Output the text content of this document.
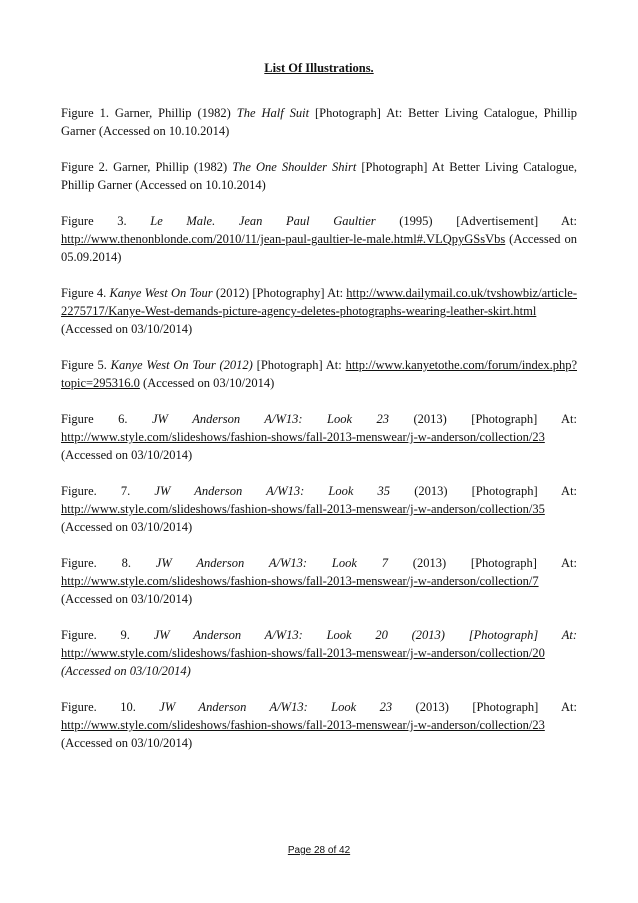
List Of Illustrations.

Figure 1. Garner, Phillip (1982) The Half Suit [Photograph] At: Better Living Catalogue, Phillip Garner (Accessed on 10.10.2014)

Figure 2. Garner, Phillip (1982) The One Shoulder Shirt [Photograph] At Better Living Catalogue, Phillip Garner (Accessed on 10.10.2014)

Figure 3. Le Male. Jean Paul Gaultier (1995) [Advertisement] At: http://www.thenonblonde.com/2010/11/jean-paul-gaultier-le-male.html#.VLQpyGSsVbs (Accessed on 05.09.2014)

Figure 4. Kanye West On Tour (2012) [Photography] At: http://www.dailymail.co.uk/tvshowbiz/article-2275717/Kanye-West-demands-picture-agency-deletes-photographs-wearing-leather-skirt.html (Accessed on 03/10/2014)

Figure 5. Kanye West On Tour (2012) [Photograph] At: http://www.kanyetothe.com/forum/index.php?topic=295316.0 (Accessed on 03/10/2014)

Figure 6. JW Anderson A/W13: Look 23 (2013) [Photograph] At: http://www.style.com/slideshows/fashion-shows/fall-2013-menswear/j-w-anderson/collection/23 (Accessed on 03/10/2014)

Figure. 7. JW Anderson A/W13: Look 35 (2013) [Photograph] At: http://www.style.com/slideshows/fashion-shows/fall-2013-menswear/j-w-anderson/collection/35 (Accessed on 03/10/2014)

Figure. 8. JW Anderson A/W13: Look 7 (2013) [Photograph] At: http://www.style.com/slideshows/fashion-shows/fall-2013-menswear/j-w-anderson/collection/7 (Accessed on 03/10/2014)

Figure. 9. JW Anderson A/W13: Look 20 (2013) [Photograph] At: http://www.style.com/slideshows/fashion-shows/fall-2013-menswear/j-w-anderson/collection/20 (Accessed on 03/10/2014)

Figure. 10. JW Anderson A/W13: Look 23 (2013) [Photograph] At: http://www.style.com/slideshows/fashion-shows/fall-2013-menswear/j-w-anderson/collection/23 (Accessed on 03/10/2014)

Page 28 of 42
